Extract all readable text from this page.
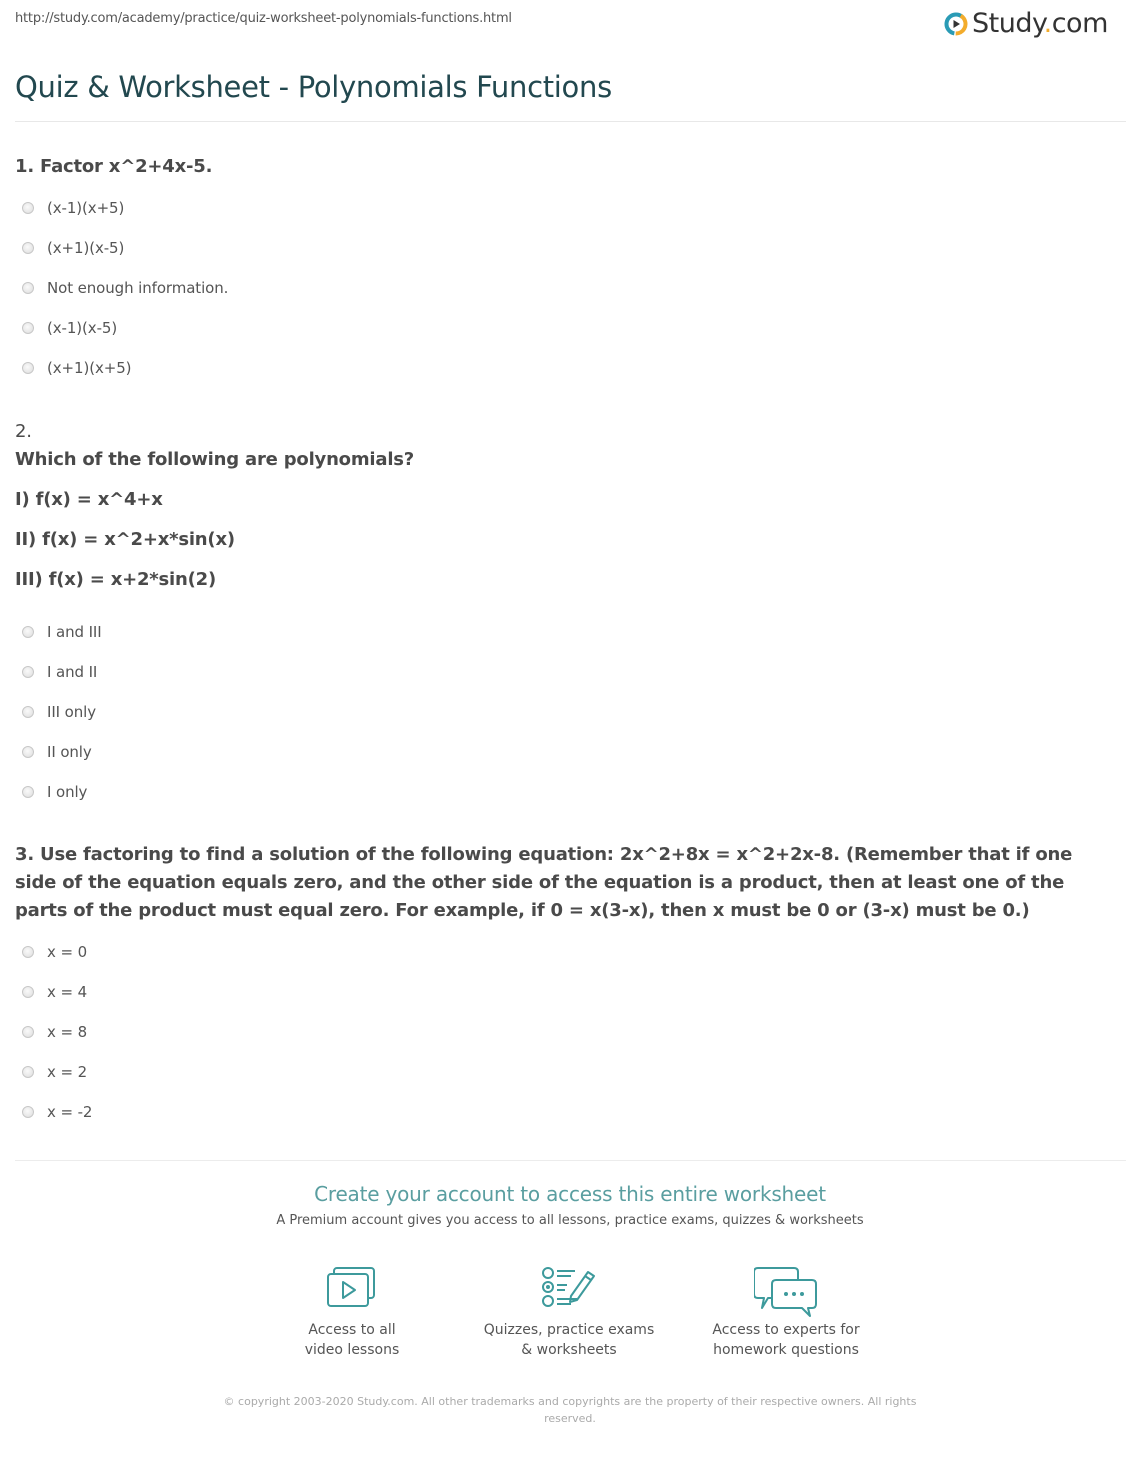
http://study.com/academy/practice/quiz-worksheet-polynomials-functions.html	Study.com
Quiz & Worksheet - Polynomials Functions
1. Factor x^2+4x-5.
(x-1)(x+5)
(x+1)(x-5)
Not enough information.
(x-1)(x-5)
(x+1)(x+5)
2.
Which of the following are polynomials?
I) f(x) = x^4+x
II) f(x) = x^2+x*sin(x)
III) f(x) = x+2*sin(2)
I and III
I and II
III only
II only
I only
3. Use factoring to find a solution of the following equation: 2x^2+8x = x^2+2x-8. (Remember that if one side of the equation equals zero, and the other side of the equation is a product, then at least one of the parts of the product must equal zero. For example, if 0 = x(3-x), then x must be 0 or (3-x) must be 0.)
x = 0
x = 4
x = 8
x = 2
x = -2
Create your account to access this entire worksheet
A Premium account gives you access to all lessons, practice exams, quizzes & worksheets
Access to all
video lessons
Quizzes, practice exams
& worksheets
Access to experts for
homework questions
© copyright 2003-2020 Study.com. All other trademarks and copyrights are the property of their respective owners. All rights reserved.
